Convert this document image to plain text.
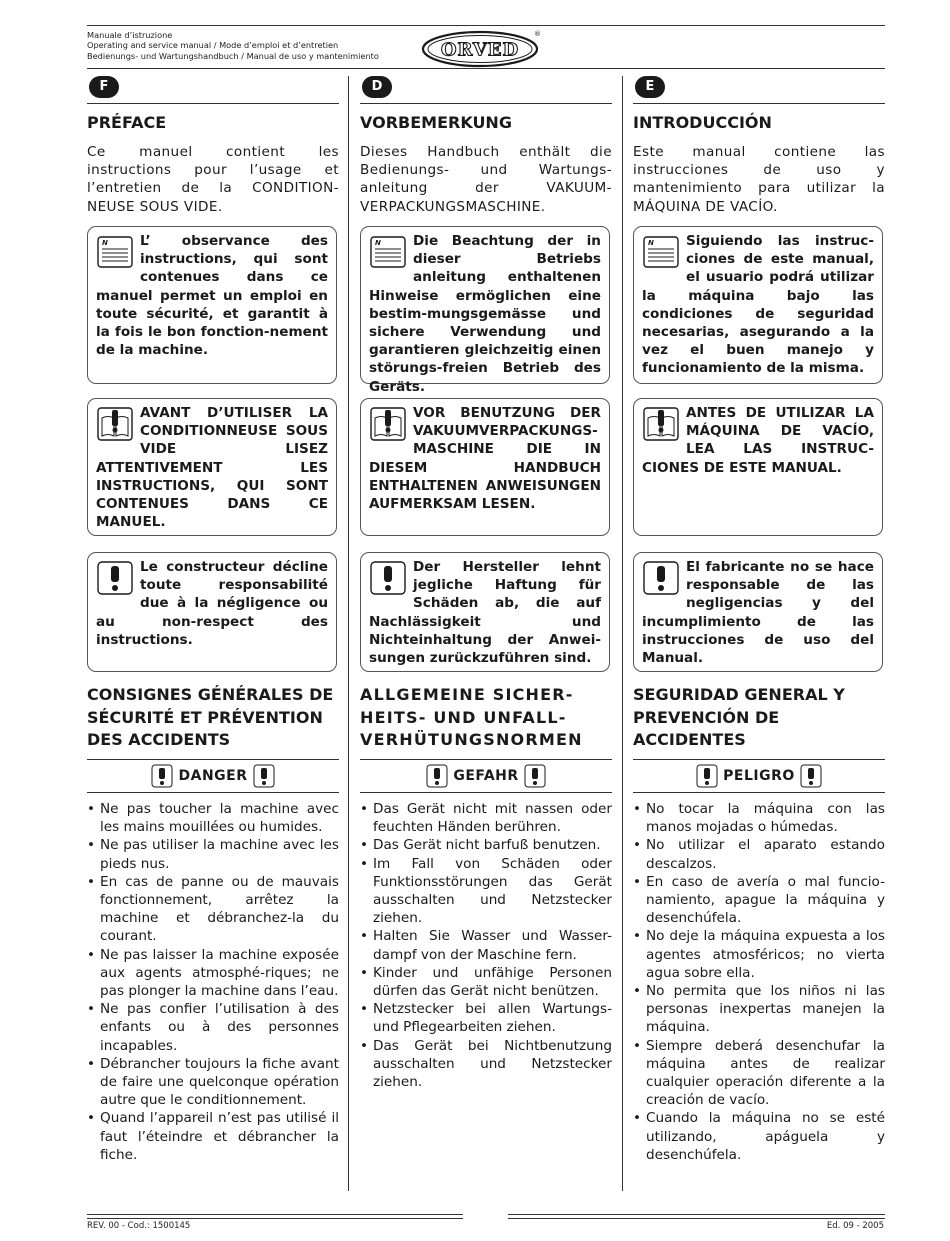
Manuale d’istruzione
Operating and service manual / Mode d’emploi et d’entretien
Bedienungs- und Wartungshandbuch / Manual de uso y mantenimiento	ORVED
®
F
PRÉFACE
Ce manuel contient les instructions pour l’usage et l’entretien de la CONDITION-NEUSE SOUS VIDE.
N L’ observance des instructions, qui sont contenues dans ce manuel permet un emploi en toute sécurité, et garantit à la fois le bon fonction-nement de la machine.
AVANT D’UTILISER LA CONDITIONNEUSE SOUS VIDE LISEZ ATTENTIVEMENT LES INSTRUCTIONS, QUI SONT CONTENUES DANS CE MANUEL.
Le constructeur décline toute responsabilité due à la négligence ou au non-respect des instructions.
CONSIGNES GÉNÉRALES DE SÉCURITÉ ET PRÉVENTION DES ACCIDENTS
DANGER
• Ne pas toucher la machine avec les mains mouillées ou humides.
• Ne pas utiliser la machine avec les pieds nus.
• En cas de panne ou de mauvais fonctionnement, arrêtez la machine et débranchez-la du courant.
• Ne pas laisser la machine exposée aux agents atmosphé-riques; ne pas plonger la machine dans l’eau.
• Ne pas confier l’utilisation à des enfants ou à des personnes incapables.
• Débrancher toujours la fiche avant de faire une quelconque opération autre que le conditionnement.
• Quand l’appareil n’est pas utilisé il faut l’éteindre et débrancher la fiche.
D
VORBEMERKUNG
Dieses Handbuch enthält die Bedienungs- und Wartungs-anleitung der VAKUUM-VERPACKUNGSMASCHINE.
N Die Beachtung der in dieser Betriebs anleitung enthaltenen Hinweise ermöglichen eine bestim-mungsgemässe und sichere Verwendung und garantieren gleichzeitig einen störungs-freien Betrieb des Geräts.
VOR BENUTZUNG DER VAKUUMVERPACKUNGS-MASCHINE DIE IN DIESEM HANDBUCH ENTHALTENEN ANWEISUNGEN AUFMERKSAM LESEN.
Der Hersteller lehnt jegliche Haftung für Schäden ab, die auf Nachlässigkeit und Nichteinhaltung der Anwei-sungen zurückzuführen sind.
ALLGEMEINE SICHER-HEITS- UND UNFALL-VERHÜTUNGSNORMEN
GEFAHR
• Das Gerät nicht mit nassen oder feuchten Händen berühren.
• Das Gerät nicht barfuß benutzen.
• Im Fall von Schäden oder Funktionsstörungen das Gerät ausschalten und Netzstecker ziehen.
• Halten Sie Wasser und Wasser-dampf von der Maschine fern.
• Kinder und unfähige Personen dürfen das Gerät nicht benützen.
• Netzstecker bei allen Wartungs-und Pflegearbeiten ziehen.
• Das Gerät bei Nichtbenutzung ausschalten und Netzstecker ziehen.
E
INTRODUCCIÓN
Este manual contiene las instrucciones de uso y mantenimiento para utilizar la MÁQUINA DE VACÍO.
N Siguiendo las instruc-ciones de este manual, el usuario podrá utilizar la máquina bajo las condiciones de seguridad necesarias, asegurando a la vez el buen manejo y funcionamiento de la misma.
ANTES DE UTILIZAR LA MÁQUINA DE VACÍO, LEA LAS INSTRUC-CIONES DE ESTE MANUAL.
El fabricante no se hace responsable de las negligencias y del incumplimiento de las instrucciones de uso del Manual.
SEGURIDAD GENERAL Y PREVENCIÓN DE ACCIDENTES
PELIGRO
• No tocar la máquina con las manos mojadas o húmedas.
• No utilizar el aparato estando descalzos.
• En caso de avería o mal funcio-namiento, apague la máquina y desenchúfela.
• No deje la máquina expuesta a los agentes atmosféricos; no vierta agua sobre ella.
• No permita que los niños ni las personas inexpertas manejen la máquina.
• Siempre deberá desenchufar la máquina antes de realizar cualquier operación diferente a la creación de vacío.
• Cuando la máquina no se esté utilizando, apáguela y desenchúfela.
REV. 00 - Cod.: 1500145	Ed. 09 - 2005
